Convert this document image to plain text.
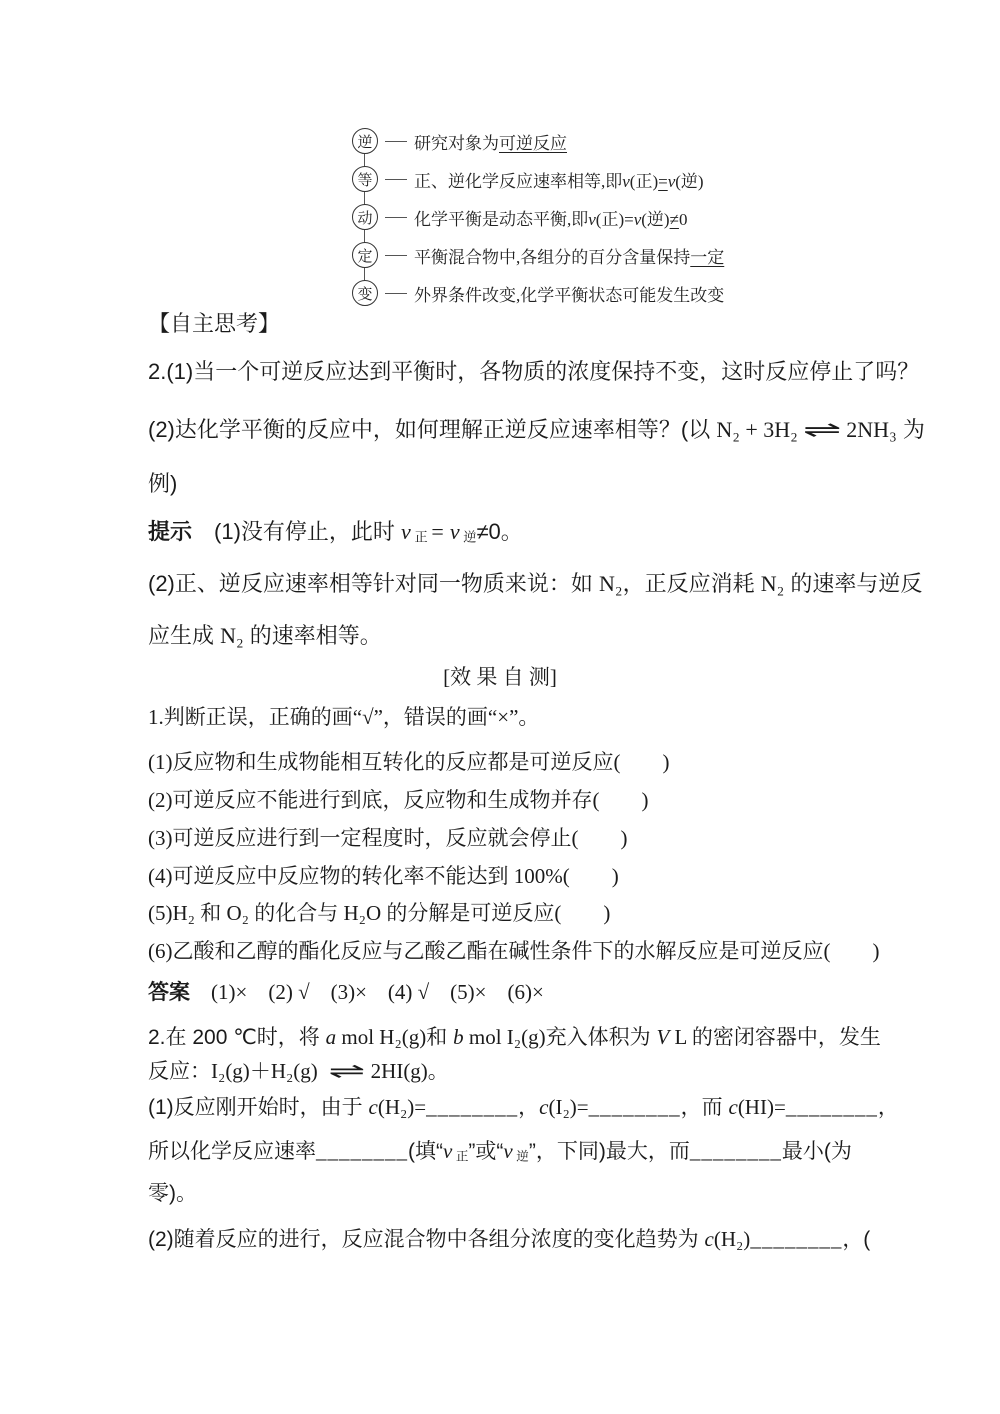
逆	研究对象为可逆反应
等	正、逆化学反应速率相等,即v(正)=v(逆)
动	化学平衡是动态平衡,即v(正)=v(逆)≠0
定	平衡混合物中,各组分的百分含量保持一定
变	外界条件改变,化学平衡状态可能发生改变
【自主思考】
2.(1)当一个可逆反应达到平衡时，各物质的浓度保持不变，这时反应停止了吗？
(2)达化学平衡的反应中，如何理解正逆反应速率相等？(以 N₂ + 3H₂ ⇌ 2NH₃ 为
例)
提示　(1)没有停止，此时 v 正 = v 逆≠0。
(2)正、逆反应速率相等针对同一物质来说：如 N₂，正反应消耗 N₂ 的速率与逆反
应生成 N₂ 的速率相等。
[效 果 自 测]
1.判断正误，正确的画“√”，错误的画“×”。
(1)反应物和生成物能相互转化的反应都是可逆反应(　　)
(2)可逆反应不能进行到底，反应物和生成物并存(　　)
(3)可逆反应进行到一定程度时，反应就会停止(　　)
(4)可逆反应中反应物的转化率不能达到 100%(　　)
(5)H₂ 和 O₂ 的化合与 H₂O 的分解是可逆反应(　　)
(6)乙酸和乙醇的酯化反应与乙酸乙酯在碱性条件下的水解反应是可逆反应(　　)
答案　(1)×　(2) √　(3)×　(4) √　(5)×　(6)×
2.在 200 ℃时，将 a mol H₂(g)和 b mol I₂(g)充入体积为 V L 的密闭容器中，发生
反应：I₂(g)＋H₂(g) ⇌ 2HI(g)。
(1)反应刚开始时，由于 c(H₂)=________，c(I₂)=________，而 c(HI)=________，
所以化学反应速率________(填“v 正”或“v 逆”，下同)最大，而________最小(为
零)。
(2)随着反应的进行，反应混合物中各组分浓度的变化趋势为 c(H₂)________，(
